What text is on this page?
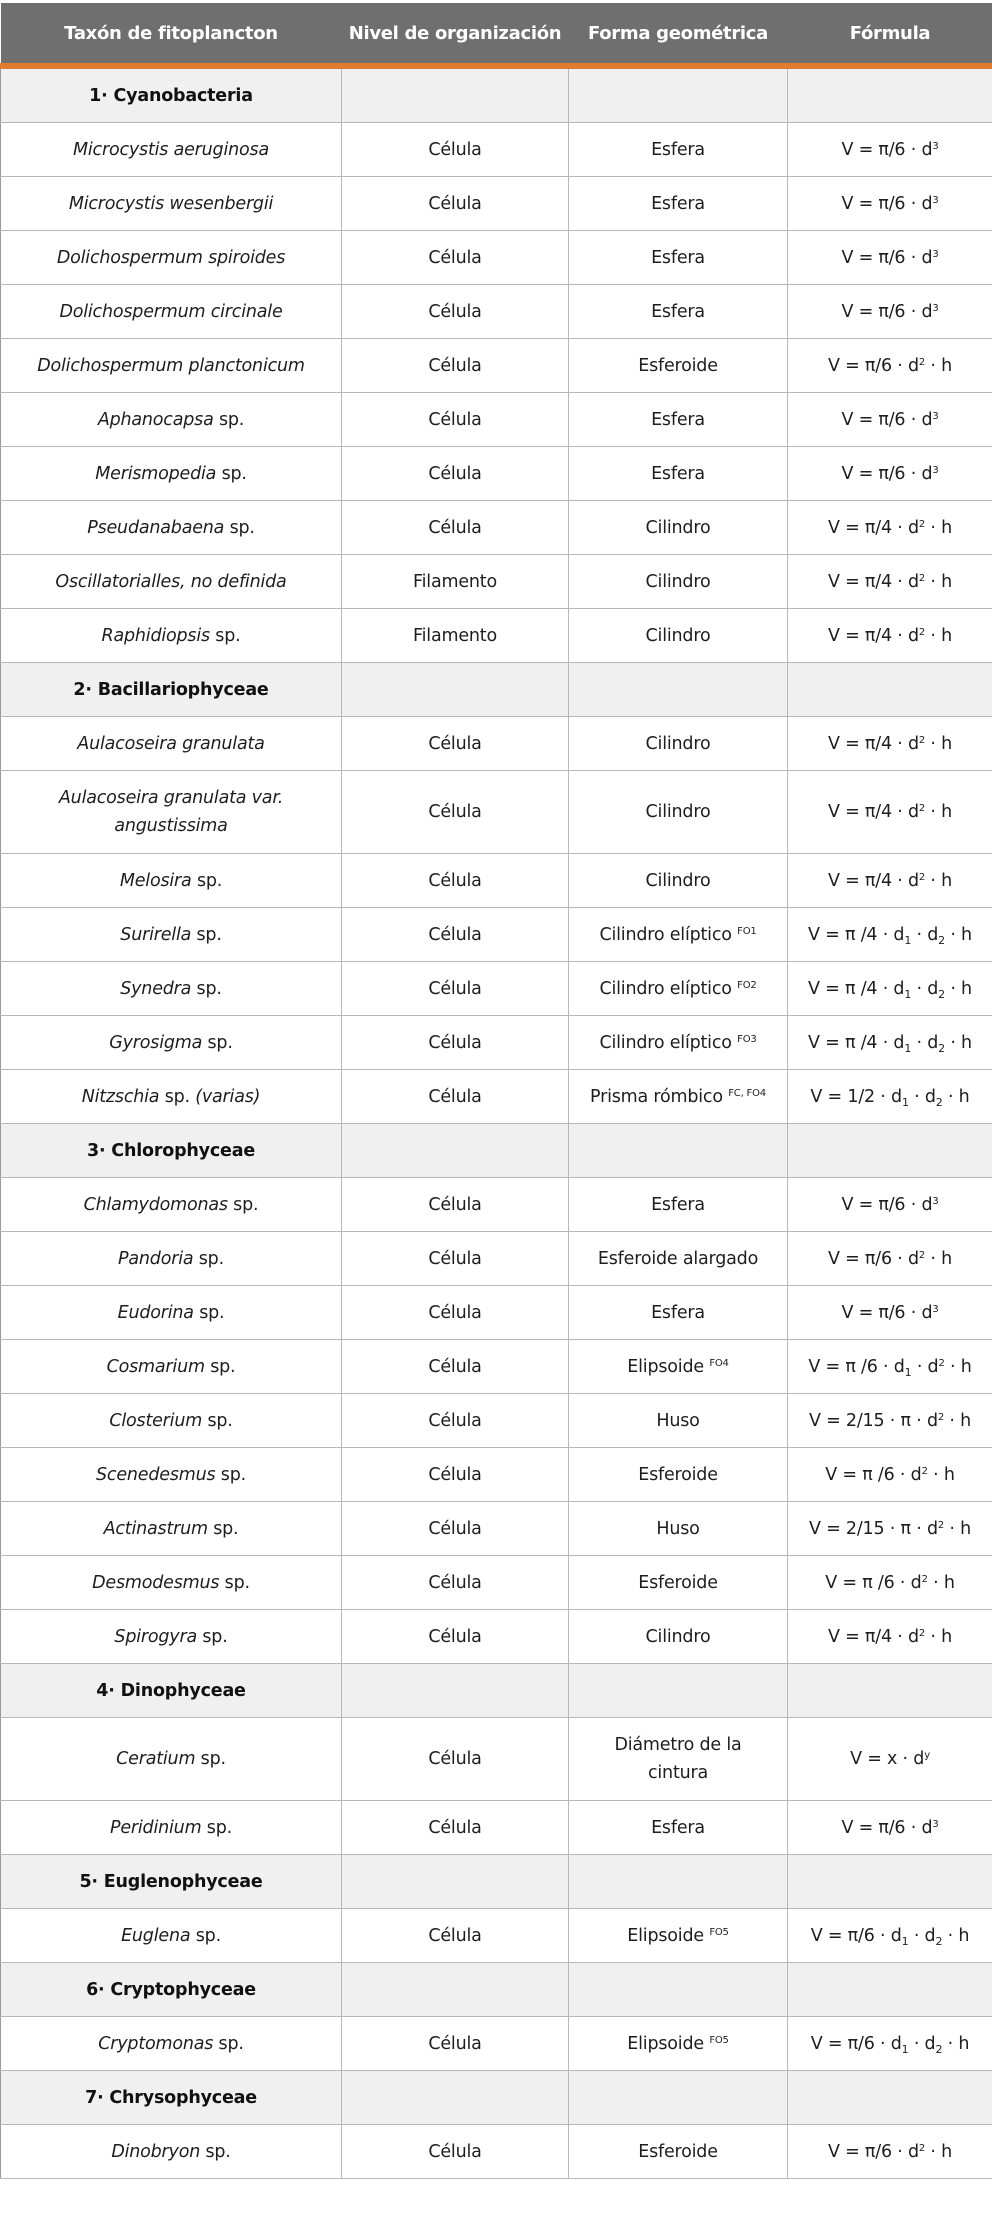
Taxón de fitoplancton	Nivel de organización	Forma geométrica	Fórmula
1· Cyanobacteria			
Microcystis aeruginosa	Célula	Esfera	$V = \pi/6 \cdot d^3$
Microcystis wesenbergii	Célula	Esfera	$V = \pi/6 \cdot d^3$
Dolichospermum spiroides	Célula	Esfera	$V = \pi/6 \cdot d^3$
Dolichospermum circinale	Célula	Esfera	$V = \pi/6 \cdot d^3$
Dolichospermum planctonicum	Célula	Esferoide	$V = \pi/6 \cdot d^2 \cdot h$
Aphanocapsa sp.	Célula	Esfera	$V = \pi/6 \cdot d^3$
Merismopedia sp.	Célula	Esfera	$V = \pi/6 \cdot d^3$
Pseudanabaena sp.	Célula	Cilindro	$V = \pi/4 \cdot d^2 \cdot h$
Oscillatorialles, no definida	Filamento	Cilindro	$V = \pi/4 \cdot d^2 \cdot h$
Raphidiopsis sp.	Filamento	Cilindro	$V = \pi/4 \cdot d^2 \cdot h$
2· Bacillariophyceae			
Aulacoseira granulata	Célula	Cilindro	$V = \pi/4 \cdot d^2 \cdot h$
Aulacoseira granulata var. angustissima	Célula	Cilindro	$V = \pi/4 \cdot d^2 \cdot h$
Melosira sp.	Célula	Cilindro	$V = \pi/4 \cdot d^2 \cdot h$
Surirella sp.	Célula	Cilindro elíptico $^{FO1}$	V = π $/4 \cdot d_1 \cdot d_2 \cdot h$
Synedra sp.	Célula	Cilindro elíptico $^{FO2}$	V = π $/4 \cdot d_1 \cdot d_2 \cdot h$
Gyrosigma sp.	Célula	Cilindro elíptico $^{FO3}$	V = π $/4 \cdot d_1 \cdot d_2 \cdot h$
Nitzschia sp. (varias)	Célula	Prisma rómbico $^{FC, FO4}$	$V = 1/2 \cdot d_1 \cdot d_2 \cdot h$
3· Chlorophyceae			
Chlamydomonas sp.	Célula	Esfera	$V = \pi/6 \cdot d^3$
Pandoria sp.	Célula	Esferoide alargado	$V = \pi/6 \cdot d^2 \cdot h$
Eudorina sp.	Célula	Esfera	$V = \pi/6 \cdot d^3$
Cosmarium sp.	Célula	Elipsoide $^{FO4}$	V = π $/6 \cdot d_1 \cdot d^2 \cdot h$
Closterium sp.	Célula	Huso	$V = 2/15 \cdot \pi \cdot d^2 \cdot h$
Scenedesmus sp.	Célula	Esferoide	V = π $/6 \cdot d^2 \cdot h$
Actinastrum sp.	Célula	Huso	$V = 2/15 \cdot \pi \cdot d^2 \cdot h$
Desmodesmus sp.	Célula	Esferoide	V = π $/6 \cdot d^2 \cdot h$
Spirogyra sp.	Célula	Cilindro	$V = \pi/4 \cdot d^2 \cdot h$
4· Dinophyceae			
Ceratium sp.	Célula	Diámetro de la cintura	$V = x \cdot d^y$
Peridinium sp.	Célula	Esfera	$V = \pi/6 \cdot d^3$
5· Euglenophyceae			
Euglena sp.	Célula	Elipsoide $^{FO5}$	$V = \pi/6 \cdot d_1 \cdot d_2 \cdot h$
6· Cryptophyceae			
Cryptomonas sp.	Célula	Elipsoide $^{FO5}$	$V = \pi/6 \cdot d_1 \cdot d_2 \cdot h$
7· Chrysophyceae			
Dinobryon sp.	Célula	Esferoide	$V = \pi/6 \cdot d^2 \cdot h$
